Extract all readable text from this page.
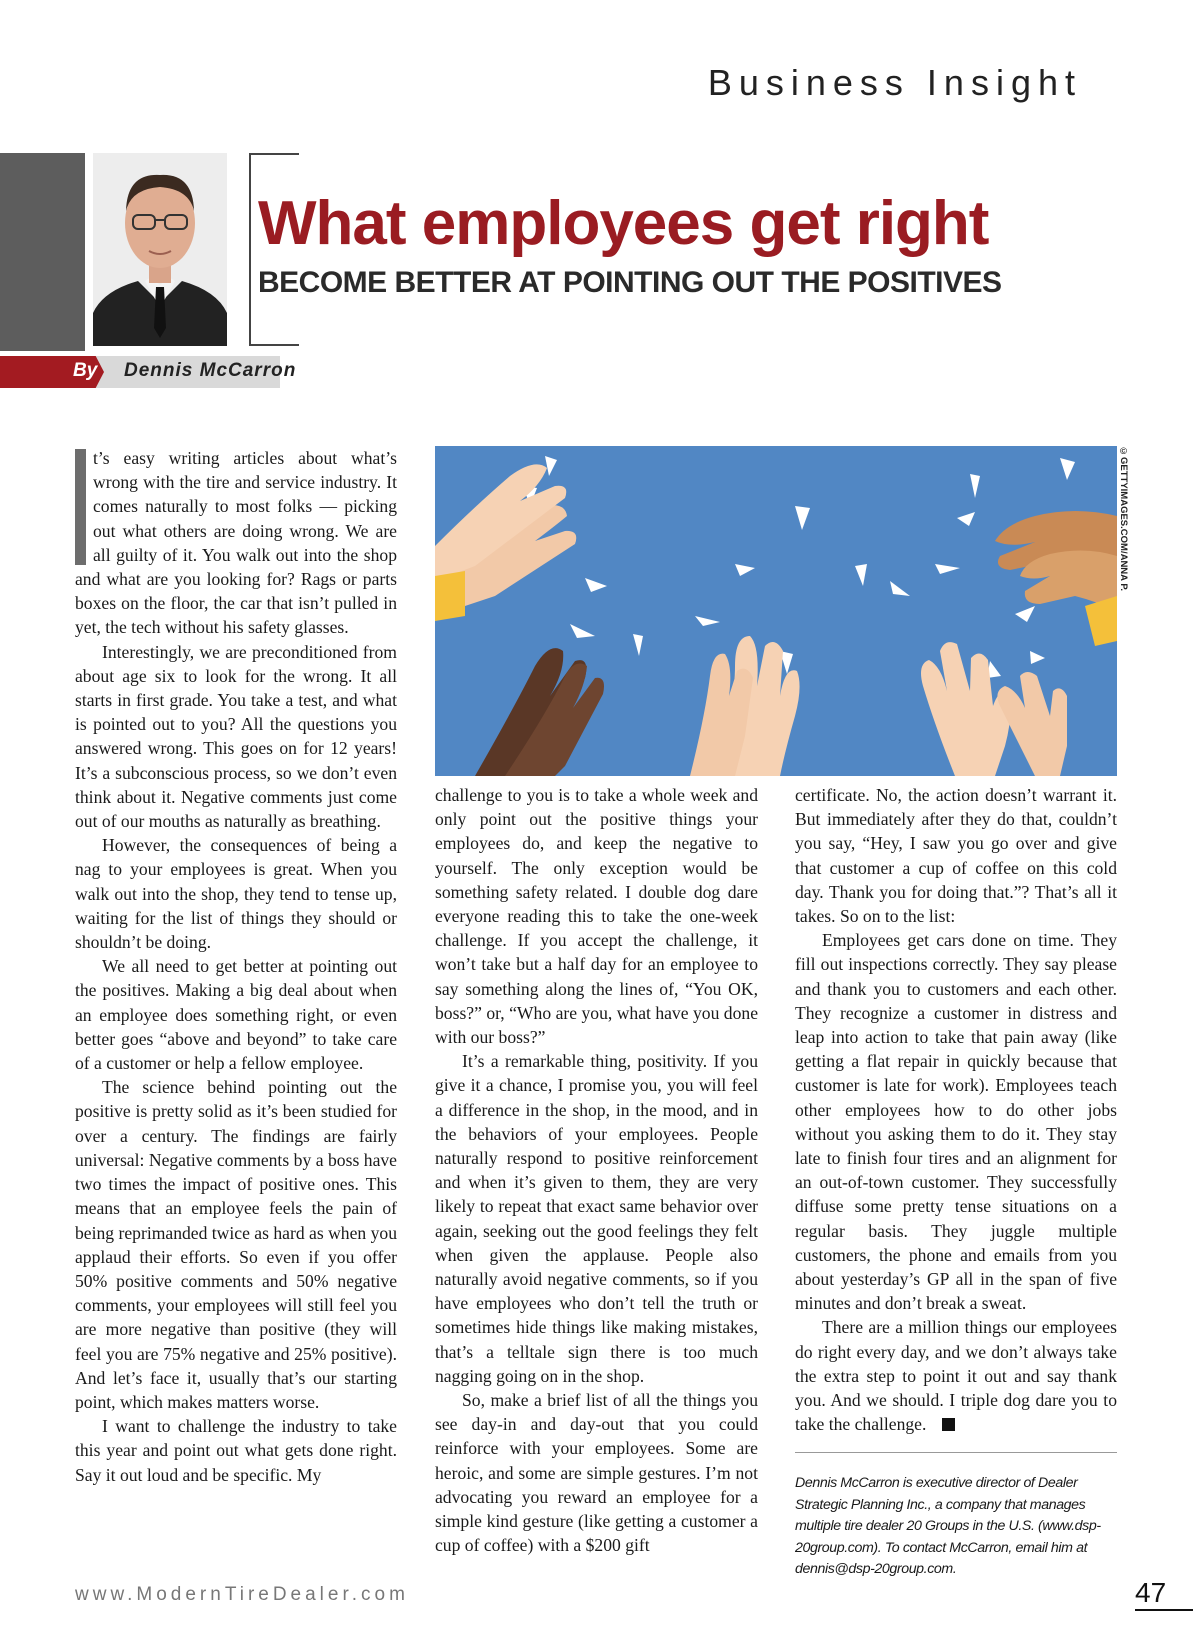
Business Insight
What employees get right
BECOME BETTER AT POINTING OUT THE POSITIVES
By Dennis McCarron

t’s easy writing articles about what’s wrong with the tire and service industry. It comes naturally to most folks — picking out what others are doing wrong. We are all guilty of it. You walk out into the shop and what are you looking for? Rags or parts boxes on the floor, the car that isn’t pulled in yet, the tech without his safety glasses.

Interestingly, we are preconditioned from about age six to look for the wrong. It all starts in first grade. You take a test, and what is pointed out to you? All the questions you answered wrong. This goes on for 12 years! It’s a subconscious process, so we don’t even think about it. Negative comments just come out of our mouths as naturally as breathing.

However, the consequences of being a nag to your employees is great. When you walk out into the shop, they tend to tense up, waiting for the list of things they should or shouldn’t be doing.

We all need to get better at pointing out the positives. Making a big deal about when an employee does something right, or even better goes “above and beyond” to take care of a customer or help a fellow employee.

The science behind pointing out the positive is pretty solid as it’s been studied for over a century. The findings are fairly universal: Negative comments by a boss have two times the impact of positive ones. This means that an employee feels the pain of being reprimanded twice as hard as when you applaud their efforts. So even if you offer 50% positive comments and 50% negative comments, your employees will still feel you are more negative than positive (they will feel you are 75% negative and 25% positive). And let’s face it, usually that’s our starting point, which makes matters worse.

I want to challenge the industry to take this year and point out what gets done right. Say it out loud and be specific. My

©GETTYIMAGES.COM/ANNA P.

challenge to you is to take a whole week and only point out the positive things your employees do, and keep the negative to yourself. The only exception would be something safety related. I double dog dare everyone reading this to take the one-week challenge. If you accept the challenge, it won’t take but a half day for an employee to say something along the lines of, “You OK, boss?” or, “Who are you, what have you done with our boss?”

It’s a remarkable thing, positivity. If you give it a chance, I promise you, you will feel a difference in the shop, in the mood, and in the behaviors of your employees. People naturally respond to positive reinforcement and when it’s given to them, they are very likely to repeat that exact same behavior over again, seeking out the good feelings they felt when given the applause. People also naturally avoid negative comments, so if you have employees who don’t tell the truth or sometimes hide things like making mistakes, that’s a telltale sign there is too much nagging going on in the shop.

So, make a brief list of all the things you see day-in and day-out that you could reinforce with your employees. Some are heroic, and some are simple gestures. I’m not advocating you reward an employee for a simple kind gesture (like getting a customer a cup of coffee) with a $200 gift

certificate. No, the action doesn’t warrant it. But immediately after they do that, couldn’t you say, “Hey, I saw you go over and give that customer a cup of coffee on this cold day. Thank you for doing that.”? That’s all it takes. So on to the list:

Employees get cars done on time. They fill out inspections correctly. They say please and thank you to customers and each other. They recognize a customer in distress and leap into action to take that pain away (like getting a flat repair in quickly because that customer is late for work). Employees teach other employees how to do other jobs without you asking them to do it. They stay late to finish four tires and an alignment for an out-of-town customer. They successfully diffuse some pretty tense situations on a regular basis. They juggle multiple customers, the phone and emails from you about yesterday’s GP all in the span of five minutes and don’t break a sweat.

There are a million things our employees do right every day, and we don’t always take the extra step to point it out and say thank you. And we should. I triple dog dare you to take the challenge.

Dennis McCarron is executive director of Dealer Strategic Planning Inc., a company that manages multiple tire dealer 20 Groups in the U.S. (www.dsp-20group.com). To contact McCarron, email him at dennis@dsp-20group.com.
www.ModernTireDealer.com	47
